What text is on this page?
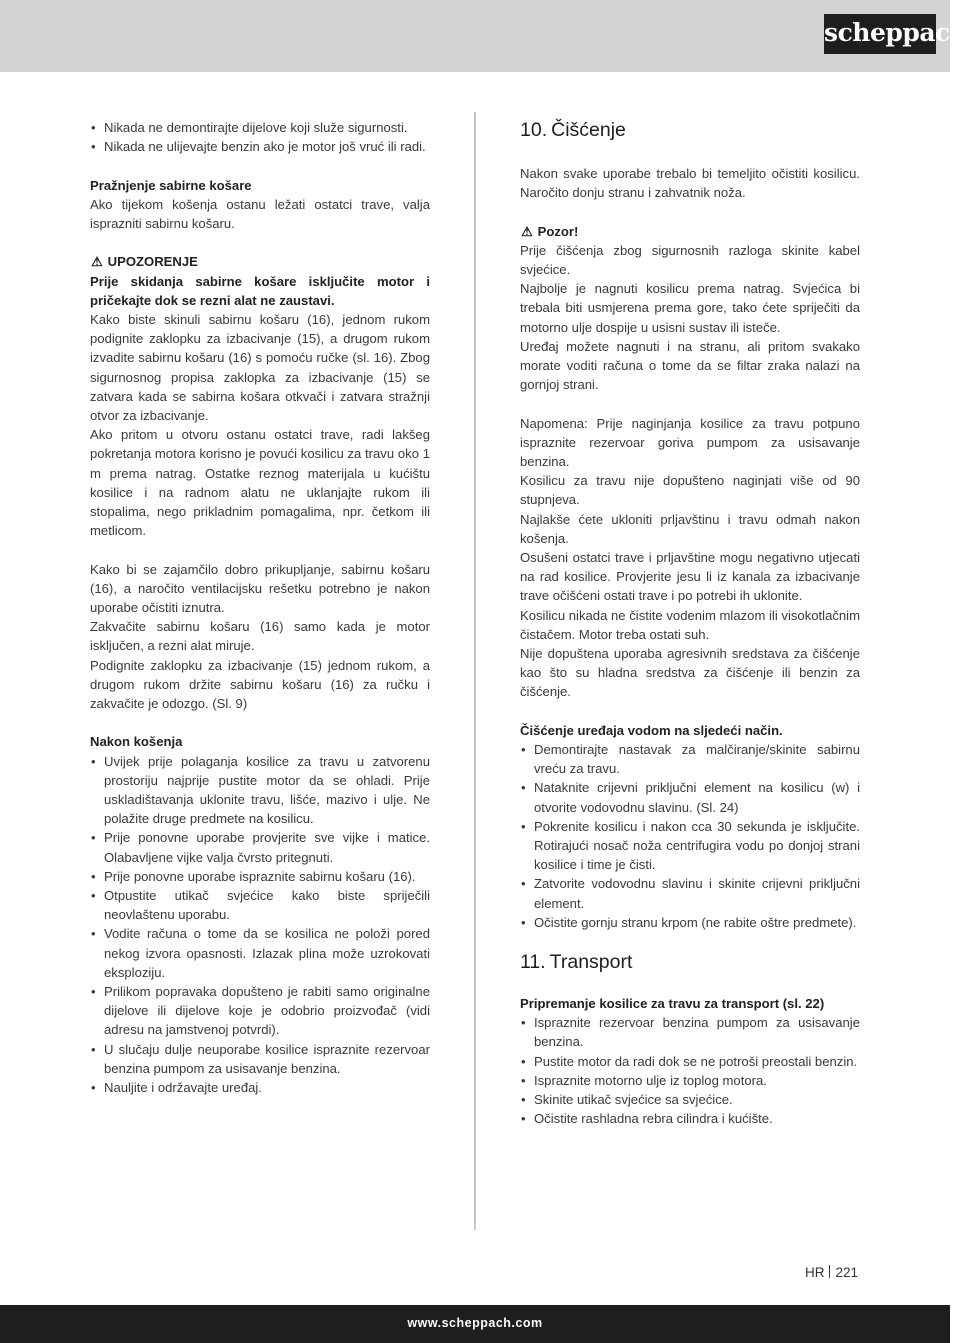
scheppach
• Nikada ne demontirajte dijelove koji služe sigurnosti.
• Nikada ne ulijevajte benzin ako je motor još vruć ili radi.

Pražnjenje sabirne košare

Ako tijekom košenja ostanu ležati ostatci trave, valja isprazniti sabirnu košaru.

⚠ UPOZORENJE

Prije skidanja sabirne košare isključite motor i pričekajte dok se rezni alat ne zaustavi.

Kako biste skinuli sabirnu košaru (16), jednom rukom podignite zaklopku za izbacivanje (15), a drugom rukom izvadite sabirnu košaru (16) s pomoću ručke (sl. 16). Zbog sigurnosnog propisa zaklopka za izbacivanje (15) se zatvara kada se sabirna košara otkvači i zatvara stražnji otvor za izbacivanje.

Ako pritom u otvoru ostanu ostatci trave, radi lakšeg pokretanja motora korisno je povući kosilicu za travu oko 1 m prema natrag. Ostatke reznog materijala u kućištu kosilice i na radnom alatu ne uklanjajte rukom ili stopalima, nego prikladnim pomagalima, npr. četkom ili metlicom.

Kako bi se zajamčilo dobro prikupljanje, sabirnu košaru (16), a naročito ventilacijsku rešetku potrebno je nakon uporabe očistiti iznutra.

Zakvačite sabirnu košaru (16) samo kada je motor isključen, a rezni alat miruje.

Podignite zaklopku za izbacivanje (15) jednom rukom, a drugom rukom držite sabirnu košaru (16) za ručku i zakvačite je odozgo. (Sl. 9)

Nakon košenja

• Uvijek prije polaganja kosilice za travu u zatvorenu prostoriju najprije pustite motor da se ohladi. Prije uskladištavanja uklonite travu, lišće, mazivo i ulje. Ne polažite druge predmete na kosilicu.
• Prije ponovne uporabe provjerite sve vijke i matice. Olabavljene vijke valja čvrsto pritegnuti.
• Prije ponovne uporabe ispraznite sabirnu košaru (16).
• Otpustite utikač svjećice kako biste spriječili neovlaštenu uporabu.
• Vodite računa o tome da se kosilica ne položi pored nekog izvora opasnosti. Izlazak plina može uzrokovati eksploziju.
• Prilikom popravaka dopušteno je rabiti samo originalne dijelove ili dijelove koje je odobrio proizvođač (vidi adresu na jamstvenoj potvrdi).
• U slučaju dulje neuporabe kosilice ispraznite rezervoar benzina pumpom za usisavanje benzina.
• Nauljite i održavajte uređaj.

10. Čišćenje

Nakon svake uporabe trebalo bi temeljito očistiti kosilicu. Naročito donju stranu i zahvatnik noža.

⚠ Pozor!

Prije čišćenja zbog sigurnosnih razloga skinite kabel svjećice.

Najbolje je nagnuti kosilicu prema natrag. Svjećica bi trebala biti usmjerena prema gore, tako ćete spriječiti da motorno ulje dospije u usisni sustav ili isteče.

Uređaj možete nagnuti i na stranu, ali pritom svakako morate voditi računa o tome da se filtar zraka nalazi na gornjoj strani.

Napomena: Prije naginjanja kosilice za travu potpuno ispraznite rezervoar goriva pumpom za usisavanje benzina.

Kosilicu za travu nije dopušteno naginjati više od 90 stupnjeva.

Najlakše ćete ukloniti prljavštinu i travu odmah nakon košenja.

Osušeni ostatci trave i prljavštine mogu negativno utjecati na rad kosilice. Provjerite jesu li iz kanala za izbacivanje trave očišćeni ostati trave i po potrebi ih uklonite.

Kosilicu nikada ne čistite vodenim mlazom ili visokotlačnim čistačem. Motor treba ostati suh.

Nije dopuštena uporaba agresivnih sredstava za čišćenje kao što su hladna sredstva za čišćenje ili benzin za čišćenje.

Čišćenje uređaja vodom na sljedeći način.

• Demontirajte nastavak za malčiranje/skinite sabirnu vreću za travu.
• Nataknite crijevni priključni element na kosilicu (w) i otvorite vodovodnu slavinu. (Sl. 24)
• Pokrenite kosilicu i nakon cca 30 sekunda je isključite. Rotirajući nosač noža centrifugira vodu po donjoj strani kosilice i time je čisti.
• Zatvorite vodovodnu slavinu i skinite crijevni priključni element.
• Očistite gornju stranu krpom (ne rabite oštre predmete).

11. Transport

Pripremanje kosilice za travu za transport (sl. 22)

• Ispraznite rezervoar benzina pumpom za usisavanje benzina.
• Pustite motor da radi dok se ne potroši preostali benzin.
• Ispraznite motorno ulje iz toplog motora.
• Skinite utikač svjećice sa svjećice.
• Očistite rashladna rebra cilindra i kućište.
HR 221
www.scheppach.com
